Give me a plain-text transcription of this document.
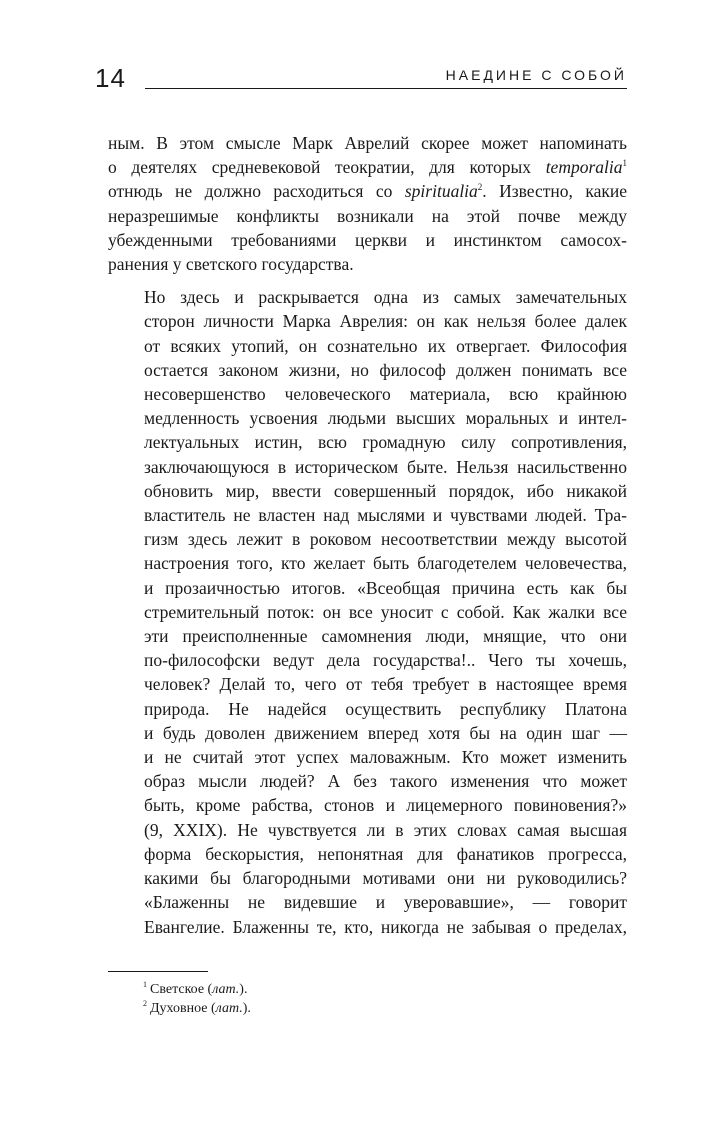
14	НАЕДИНЕ С СОБОЙ

ным. В этом смысле Марк Аврелий скорее может напоминать
о деятелях средневековой теократии, для которых temporalia$^1$
отнюдь не должно расходиться со spiritualia$^2$. Известно, какие
неразрешимые конфликты возникали на этой почве между
убежденными требованиями церкви и инстинктом самосох-
ранения у светского государства.

Но здесь и раскрывается одна из самых замечательных
сторон личности Марка Аврелия: он как нельзя более далек
от всяких утопий, он сознательно их отвергает. Философия
остается законом жизни, но философ должен понимать все
несовершенство человеческого материала, всю крайнюю
медленность усвоения людьми высших моральных и интел-
лектуальных истин, всю громадную силу сопротивления,
заключающуюся в историческом быте. Нельзя насильственно
обновить мир, ввести совершенный порядок, ибо никакой
властитель не властен над мыслями и чувствами людей. Тра-
гизм здесь лежит в роковом несоответствии между высотой
настроения того, кто желает быть благодетелем человечества,
и прозаичностью итогов. «Всеобщая причина есть как бы
стремительный поток: он все уносит с собой. Как жалки все
эти преисполненные самомнения люди, мнящие, что они
по-философски ведут дела государства!.. Чего ты хочешь,
человек? Делай то, чего от тебя требует в настоящее время
природа. Не надейся осуществить республику Платона
и будь доволен движением вперед хотя бы на один шаг —
и не считай этот успех маловажным. Кто может изменить
образ мысли людей? А без такого изменения что может
быть, кроме рабства, стонов и лицемерного повиновения?»
(9, XXIX). Не чувствуется ли в этих словах самая высшая
форма бескорыстия, непонятная для фанатиков прогресса,
какими бы благородными мотивами они ни руководились?
«Блаженны не видевшие и уверовавшие», — говорит
Евангелие. Блаженны те, кто, никогда не забывая о пределах,

$^1$ Светское (лат.).
$^2$ Духовное (лат.).
